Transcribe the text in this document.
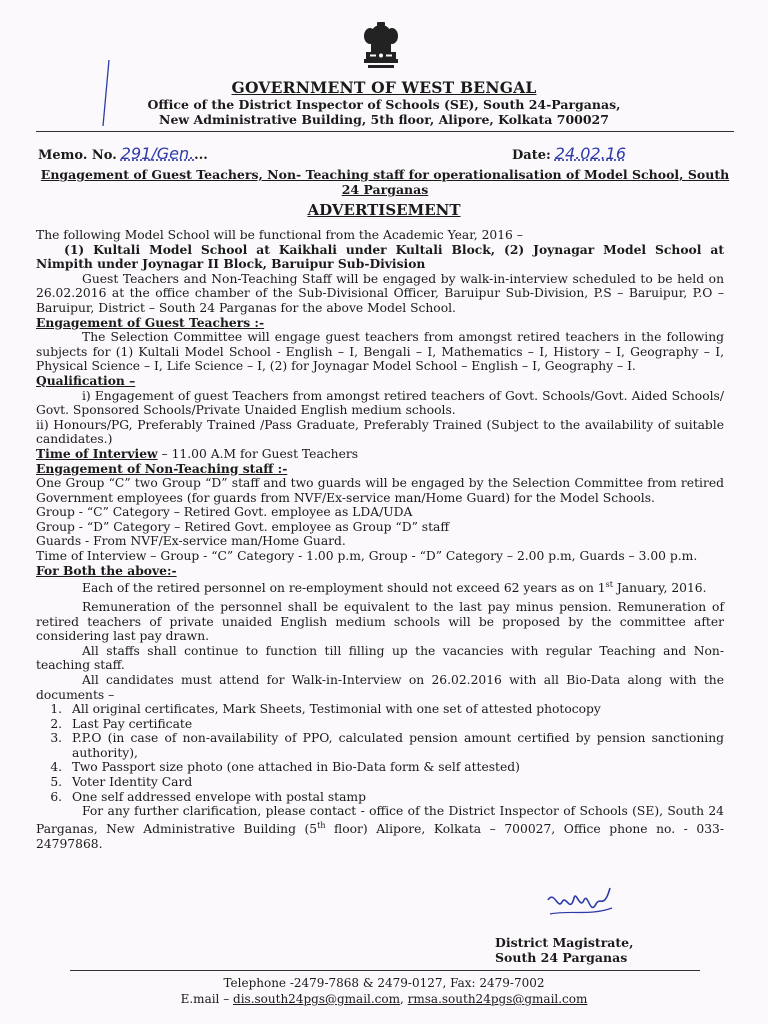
GOVERNMENT OF WEST BENGAL
Office of the District Inspector of Schools (SE), South 24-Parganas,
New Administrative Building, 5th floor, Alipore, Kolkata 700027
Memo. No. 291/Gen....	Date: 24.02.16
Engagement of Guest Teachers, Non- Teaching staff for operationalisation of Model School, South 24 Parganas
ADVERTISEMENT

The following Model School will be functional from the Academic Year, 2016 –

(1) Kultali Model School at Kaikhali under Kultali Block, (2) Joynagar Model School at Nimpith under Joynagar II Block, Baruipur Sub-Division

Guest Teachers and Non-Teaching Staff will be engaged by walk-in-interview scheduled to be held on 26.02.2016 at the office chamber of the Sub-Divisional Officer, Baruipur Sub-Division, P.S – Baruipur, P.O – Baruipur, District – South 24 Parganas for the above Model School.

Engagement of Guest Teachers :-

The Selection Committee will engage guest teachers from amongst retired teachers in the following subjects for (1) Kultali Model School - English – I, Bengali – I, Mathematics – I, History – I, Geography – I, Physical Science – I, Life Science – I, (2) for Joynagar Model School – English – I, Geography – I.

Qualification –

i) Engagement of guest Teachers from amongst retired teachers of Govt. Schools/Govt. Aided Schools/ Govt. Sponsored Schools/Private Unaided English medium schools.

ii) Honours/PG, Preferably Trained /Pass Graduate, Preferably Trained (Subject to the availability of suitable candidates.)

Time of Interview – 11.00 A.M for Guest Teachers

Engagement of Non-Teaching staff :-

One Group “C” two Group “D” staff and two guards will be engaged by the Selection Committee from retired Government employees (for guards from NVF/Ex-service man/Home Guard) for the Model Schools.

Group - “C” Category – Retired Govt. employee as LDA/UDA

Group - “D” Category – Retired Govt. employee as Group “D” staff

Guards - From NVF/Ex-service man/Home Guard.

Time of Interview – Group - “C” Category - 1.00 p.m, Group - “D” Category – 2.00 p.m, Guards – 3.00 p.m.

For Both the above:-

Each of the retired personnel on re-employment should not exceed 62 years as on 1st January, 2016.

Remuneration of the personnel shall be equivalent to the last pay minus pension. Remuneration of retired teachers of private unaided English medium schools will be proposed by the committee after considering last pay drawn.

All staffs shall continue to function till filling up the vacancies with regular Teaching and Non-teaching staff.

All candidates must attend for Walk-in-Interview on 26.02.2016 with all Bio-Data along with the documents –

1. All original certificates, Mark Sheets, Testimonial with one set of attested photocopy
2. Last Pay certificate
3. P.P.O (in case of non-availability of PPO, calculated pension amount certified by pension sanctioning authority),
4. Two Passport size photo (one attached in Bio-Data form & self attested)
5. Voter Identity Card
6. One self addressed envelope with postal stamp

For any further clarification, please contact - office of the District Inspector of Schools (SE), South 24 Parganas, New Administrative Building (5th floor) Alipore, Kolkata – 700027, Office phone no. - 033-24797868.

District Magistrate,
South 24 Parganas
Telephone -2479-7868 & 2479-0127, Fax: 2479-7002
E.mail – dis.south24pgs@gmail.com, rmsa.south24pgs@gmail.com
